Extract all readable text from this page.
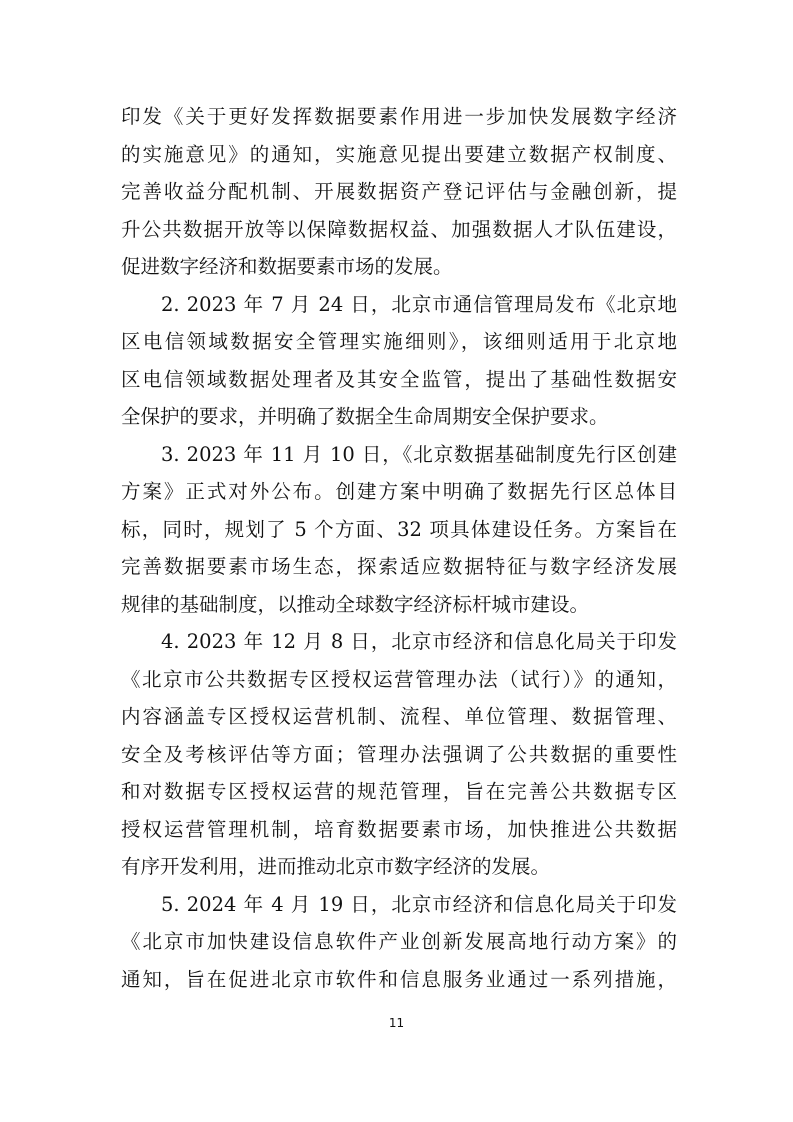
印发《关于更好发挥数据要素作用进一步加快发展数字经济
的实施意见》的通知，实施意见提出要建立数据产权制度、
完善收益分配机制、开展数据资产登记评估与金融创新，提
升公共数据开放等以保障数据权益、加强数据人才队伍建设，
促进数字经济和数据要素市场的发展。
2. 2023 年 7 月 24 日，北京市通信管理局发布《北京地
区电信领域数据安全管理实施细则》，该细则适用于北京地
区电信领域数据处理者及其安全监管，提出了基础性数据安
全保护的要求，并明确了数据全生命周期安全保护要求。
3. 2023 年 11 月 10 日，《北京数据基础制度先行区创建
方案》正式对外公布。创建方案中明确了数据先行区总体目
标，同时，规划了 5 个方面、32 项具体建设任务。方案旨在
完善数据要素市场生态，探索适应数据特征与数字经济发展
规律的基础制度，以推动全球数字经济标杆城市建设。
4. 2023 年 12 月 8 日，北京市经济和信息化局关于印发
《北京市公共数据专区授权运营管理办法（试行）》的通知，
内容涵盖专区授权运营机制、流程、单位管理、数据管理、
安全及考核评估等方面；管理办法强调了公共数据的重要性
和对数据专区授权运营的规范管理，旨在完善公共数据专区
授权运营管理机制，培育数据要素市场，加快推进公共数据
有序开发利用，进而推动北京市数字经济的发展。
5. 2024 年 4 月 19 日，北京市经济和信息化局关于印发
《北京市加快建设信息软件产业创新发展高地行动方案》的
通知，旨在促进北京市软件和信息服务业通过一系列措施，
11
